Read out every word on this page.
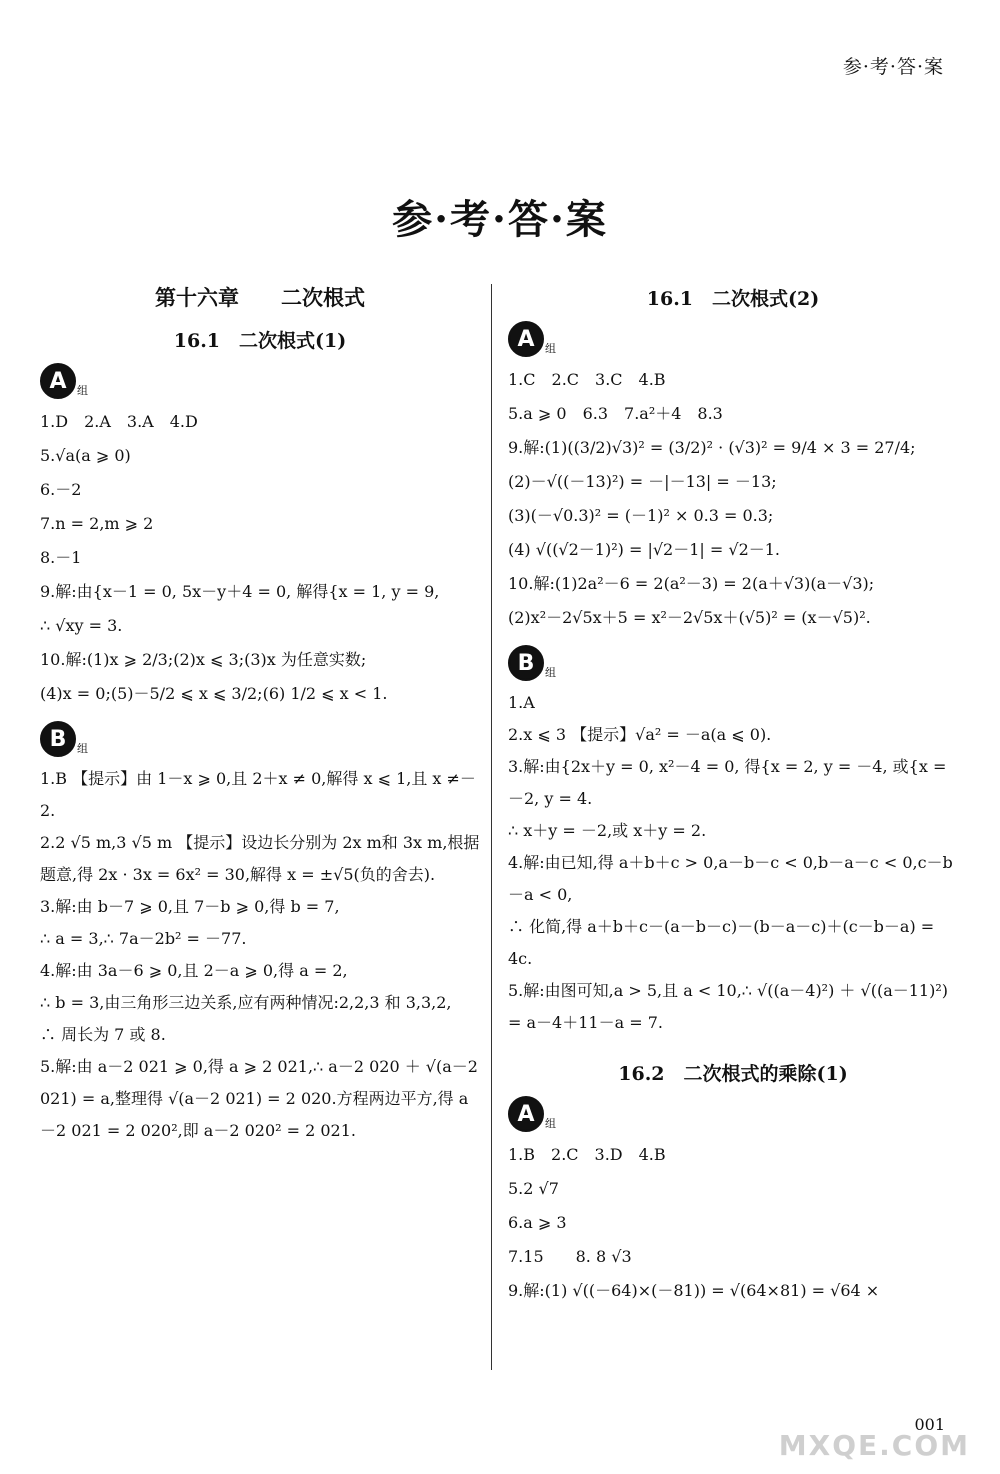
参·考·答·案
参·考·答·案
第十六章　　二次根式
16.1　二次根式(1)
A 组
1.D　2.A　3.A　4.D
5.√a(a ⩾ 0)
6.－2
7.n = 2,m ⩾ 2
8.－1
9.解:由{x－1 = 0, 5x－y＋4 = 0, 解得{x = 1, y = 9,
∴ √xy = 3.
10.解:(1)x ⩾ 2/3;(2)x ⩽ 3;(3)x 为任意实数;
(4)x = 0;(5)－5/2 ⩽ x ⩽ 3/2;(6) 1/2 ⩽ x < 1.
B 组
1.B 【提示】由 1－x ⩾ 0,且 2＋x ≠ 0,解得 x ⩽ 1,且 x ≠－2.
2.2 √5 m,3 √5 m 【提示】设边长分别为 2x m和 3x m,根据题意,得 2x · 3x = 6x² = 30,解得 x = ±√5(负的舍去).
3.解:由 b－7 ⩾ 0,且 7－b ⩾ 0,得 b = 7,
∴ a = 3,∴ 7a－2b² = －77.
4.解:由 3a－6 ⩾ 0,且 2－a ⩾ 0,得 a = 2,
∴ b = 3,由三角形三边关系,应有两种情况:2,2,3 和 3,3,2,
∴ 周长为 7 或 8.
5.解:由 a－2 021 ⩾ 0,得 a ⩾ 2 021,∴ a－2 020 ＋ √(a－2 021) = a,整理得 √(a－2 021) = 2 020.方程两边平方,得 a－2 021 = 2 020²,即 a－2 020² = 2 021.
16.1　二次根式(2)
A 组
1.C　2.C　3.C　4.B
5.a ⩾ 0　6.3　7.a²＋4　8.3
9.解:(1)((3/2)√3)² = (3/2)² · (√3)² = 9/4 × 3 = 27/4;
(2)－√((－13)²) = －|－13| = －13;
(3)(－√0.3)² = (－1)² × 0.3 = 0.3;
(4) √((√2－1)²) = |√2－1| = √2－1.
10.解:(1)2a²－6 = 2(a²－3) = 2(a＋√3)(a－√3);
(2)x²－2√5x＋5 = x²－2√5x＋(√5)² = (x－√5)².
B 组
1.A
2.x ⩽ 3 【提示】√a² = －a(a ⩽ 0).
3.解:由{2x＋y = 0, x²－4 = 0, 得{x = 2, y = －4, 或{x = －2, y = 4.
∴ x＋y = －2,或 x＋y = 2.
4.解:由已知,得 a＋b＋c > 0,a－b－c < 0,b－a－c < 0,c－b－a < 0,
∴ 化简,得 a＋b＋c－(a－b－c)－(b－a－c)＋(c－b－a) = 4c.
5.解:由图可知,a > 5,且 a < 10,∴ √((a－4)²) ＋ √((a－11)²) = a－4＋11－a = 7.
16.2　二次根式的乘除(1)
A 组
1.B　2.C　3.D　4.B
5.2 √7
6.a ⩾ 3
7.15　　8. 8 √3
9.解:(1) √((－64)×(－81)) = √(64×81) = √64 ×
001
MXQE.COM
